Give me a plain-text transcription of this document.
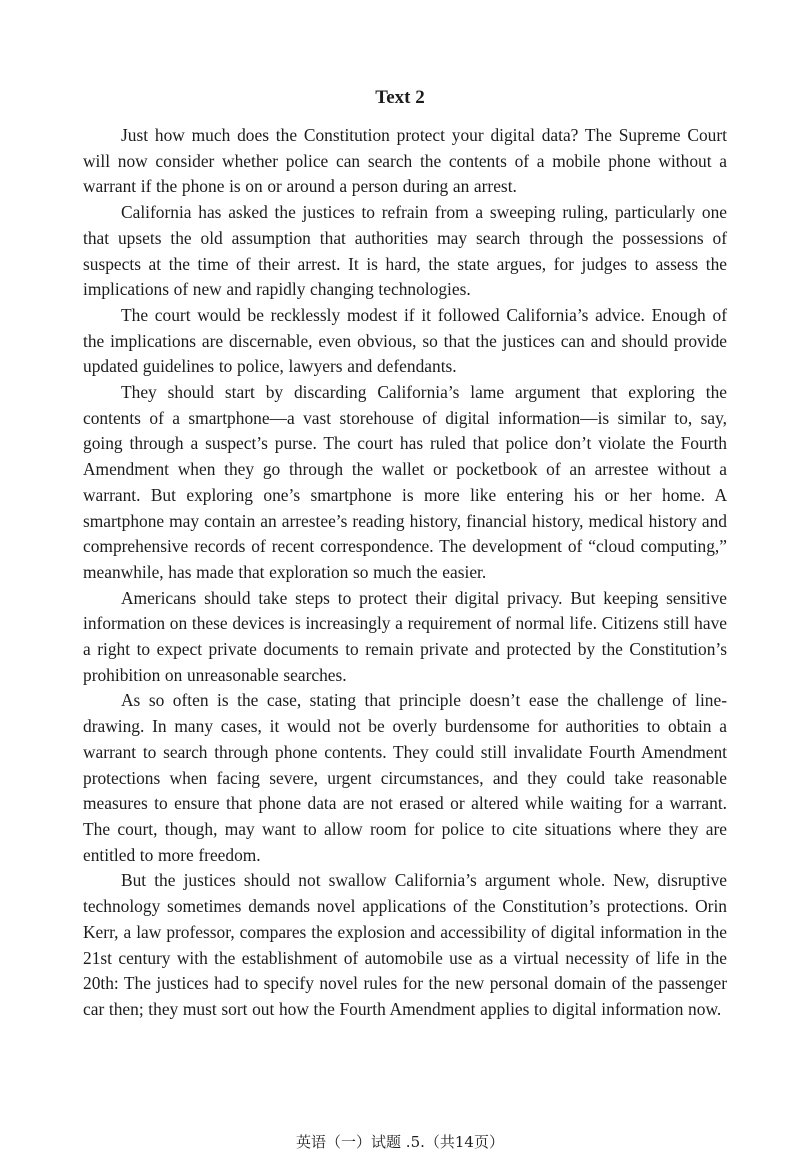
Text 2

Just how much does the Constitution protect your digital data? The Supreme Court will now consider whether police can search the contents of a mobile phone without a warrant if the phone is on or around a person during an arrest.

California has asked the justices to refrain from a sweeping ruling, particularly one that upsets the old assumption that authorities may search through the possessions of suspects at the time of their arrest. It is hard, the state argues, for judges to assess the implications of new and rapidly changing technologies.

The court would be recklessly modest if it followed California’s advice. Enough of the implications are discernable, even obvious, so that the justices can and should provide updated guidelines to police, lawyers and defendants.

They should start by discarding California’s lame argument that exploring the contents of a smartphone—a vast storehouse of digital information—is similar to, say, going through a suspect’s purse. The court has ruled that police don’t violate the Fourth Amendment when they go through the wallet or pocketbook of an arrestee without a warrant. But exploring one’s smartphone is more like entering his or her home. A smartphone may contain an arrestee’s reading history, financial history, medical history and comprehensive records of recent correspondence. The development of “cloud computing,” meanwhile, has made that exploration so much the easier.

Americans should take steps to protect their digital privacy. But keeping sensitive information on these devices is increasingly a requirement of normal life. Citizens still have a right to expect private documents to remain private and protected by the Constitution’s prohibition on unreasonable searches.

As so often is the case, stating that principle doesn’t ease the challenge of line-drawing. In many cases, it would not be overly burdensome for authorities to obtain a warrant to search through phone contents. They could still invalidate Fourth Amendment protections when facing severe, urgent circumstances, and they could take reasonable measures to ensure that phone data are not erased or altered while waiting for a warrant. The court, though, may want to allow room for police to cite situations where they are entitled to more freedom.

But the justices should not swallow California’s argument whole. New, disruptive technology sometimes demands novel applications of the Constitution’s protections. Orin Kerr, a law professor, compares the explosion and accessibility of digital information in the 21st century with the establishment of automobile use as a virtual necessity of life in the 20th: The justices had to specify novel rules for the new personal domain of the passenger car then; they must sort out how the Fourth Amendment applies to digital information now.

英语（一）试题 .5.（共14页）
